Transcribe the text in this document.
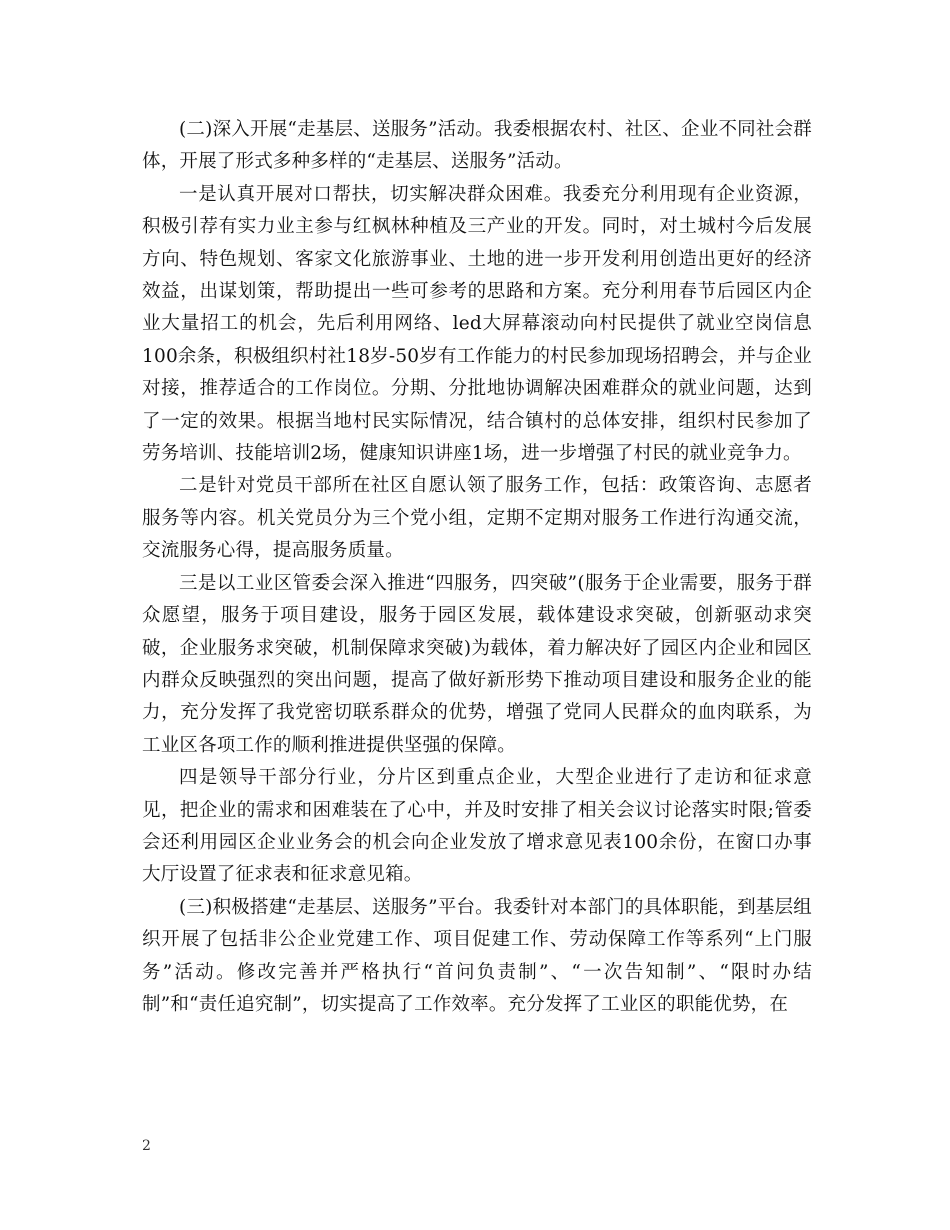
(二)深入开展“走基层、送服务”活动。我委根据农村、社区、企业不同社会群体，开展了形式多种多样的“走基层、送服务”活动。

一是认真开展对口帮扶，切实解决群众困难。我委充分利用现有企业资源，积极引荐有实力业主参与红枫林种植及三产业的开发。同时，对土城村今后发展方向、特色规划、客家文化旅游事业、土地的进一步开发利用创造出更好的经济效益，出谋划策，帮助提出一些可参考的思路和方案。充分利用春节后园区内企业大量招工的机会，先后利用网络、led大屏幕滚动向村民提供了就业空岗信息100余条，积极组织村社18岁-50岁有工作能力的村民参加现场招聘会，并与企业对接，推荐适合的工作岗位。分期、分批地协调解决困难群众的就业问题，达到了一定的效果。根据当地村民实际情况，结合镇村的总体安排，组织村民参加了劳务培训、技能培训2场，健康知识讲座1场，进一步增强了村民的就业竞争力。

二是针对党员干部所在社区自愿认领了服务工作，包括：政策咨询、志愿者服务等内容。机关党员分为三个党小组，定期不定期对服务工作进行沟通交流，交流服务心得，提高服务质量。

三是以工业区管委会深入推进“四服务，四突破”(服务于企业需要，服务于群众愿望，服务于项目建设，服务于园区发展，载体建设求突破，创新驱动求突破，企业服务求突破，机制保障求突破)为载体，着力解决好了园区内企业和园区内群众反映强烈的突出问题，提高了做好新形势下推动项目建设和服务企业的能力，充分发挥了我党密切联系群众的优势，增强了党同人民群众的血肉联系，为工业区各项工作的顺利推进提供坚强的保障。

四是领导干部分行业，分片区到重点企业，大型企业进行了走访和征求意见，把企业的需求和困难装在了心中，并及时安排了相关会议讨论落实时限;管委会还利用园区企业业务会的机会向企业发放了增求意见表100余份，在窗口办事大厅设置了征求表和征求意见箱。

(三)积极搭建“走基层、送服务”平台。我委针对本部门的具体职能，到基层组织开展了包括非公企业党建工作、项目促建工作、劳动保障工作等系列“上门服务”活动。修改完善并严格执行“首问负责制”、“一次告知制”、“限时办结制”和“责任追究制”，切实提高了工作效率。充分发挥了工业区的职能优势，在

2
